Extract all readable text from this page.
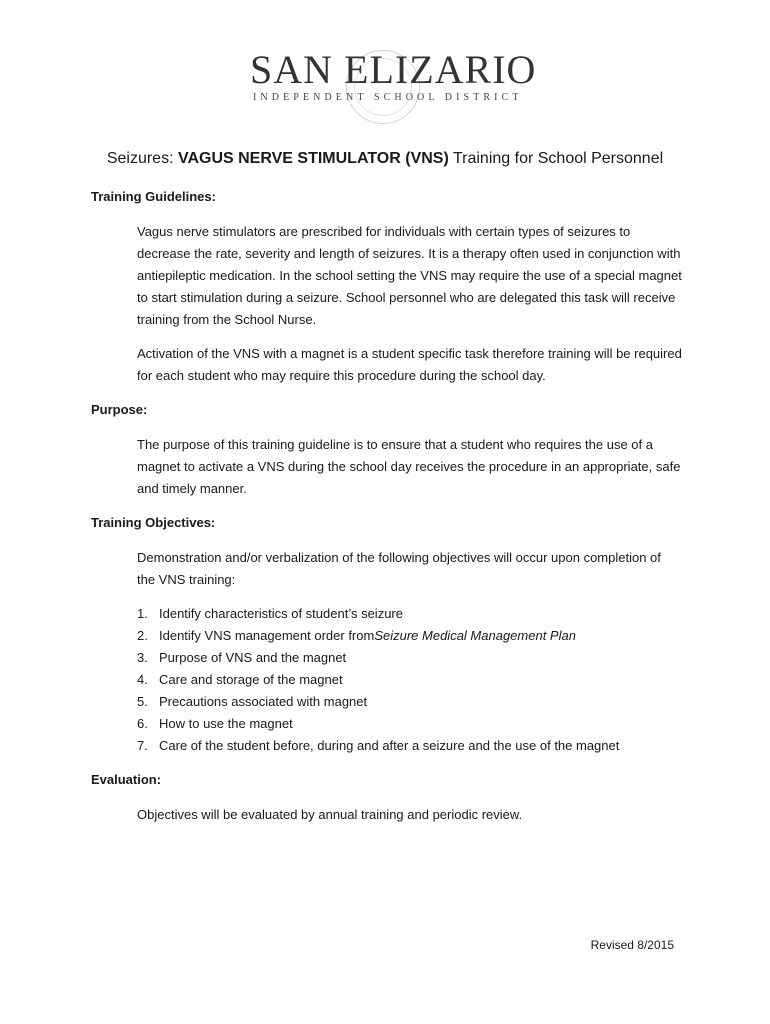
SAN ELIZARIO
INDEPENDENT SCHOOL DISTRICT
Seizures: VAGUS NERVE STIMULATOR (VNS) Training for School Personnel
Training Guidelines:

Vagus nerve stimulators are prescribed for individuals with certain types of seizures to decrease the rate, severity and length of seizures. It is a therapy often used in conjunction with antiepileptic medication. In the school setting the VNS may require the use of a special magnet to start stimulation during a seizure. School personnel who are delegated this task will receive training from the School Nurse.

Activation of the VNS with a magnet is a student specific task therefore training will be required for each student who may require this procedure during the school day.

Purpose:

The purpose of this training guideline is to ensure that a student who requires the use of a magnet to activate a VNS during the school day receives the procedure in an appropriate, safe and timely manner.

Training Objectives:

Demonstration and/or verbalization of the following objectives will occur upon completion of the VNS training:

1. Identify characteristics of student’s seizure
2. Identify VNS management order from Seizure Medical Management Plan
3. Purpose of VNS and the magnet
4. Care and storage of the magnet
5. Precautions associated with magnet
6. How to use the magnet
7. Care of the student before, during and after a seizure and the use of the magnet
Evaluation:

Objectives will be evaluated by annual training and periodic review.

Revised 8/2015
